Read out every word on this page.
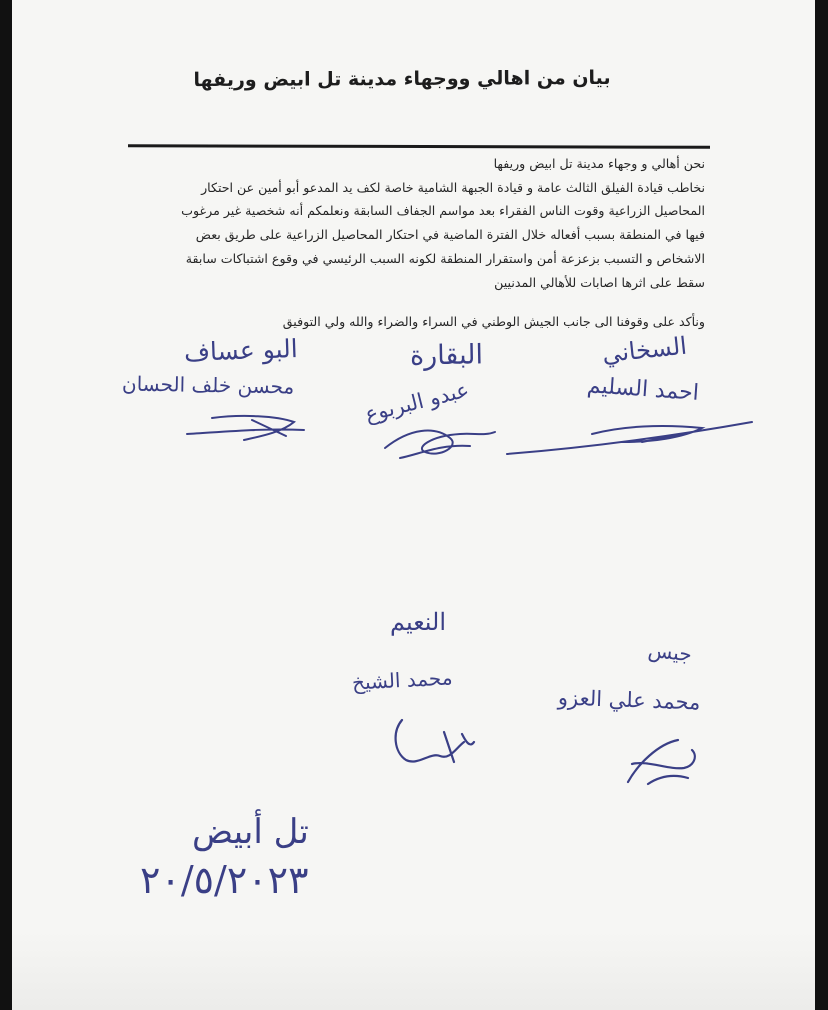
بيان من اهالي ووجهاء مدينة تل ابيض وريفها
نحن أهالي و وجهاء مدينة تل ابيض وريفها
نخاطب قيادة الفيلق الثالث عامة و قيادة الجبهة الشامية خاصة لكف يد المدعو أبو أمين عن احتكار
المحاصيل الزراعية وقوت الناس الفقراء بعد مواسم الجفاف السابقة ونعلمكم أنه شخصية غير مرغوب
فيها في المنطقة بسبب أفعاله خلال الفترة الماضية في احتكار المحاصيل الزراعية على طريق بعض
الاشخاص و التسبب بزعزعة أمن واستقرار المنطقة لكونه السبب الرئيسي في وقوع اشتباكات سابقة
سقط على اثرها اصابات للأهالي المدنيين
ونأكد على وقوفنا الى جانب الجيش الوطني في السراء والضراء والله ولي التوفيق
البو عساف
محسن خلف الحسان
البقارة
عبدو البربوع
السخاني
احمد السليم
النعيم
محمد الشيخ
جيس
محمد علي العزو
تل أبيض
٢٠/٥/٢٠٢٣
